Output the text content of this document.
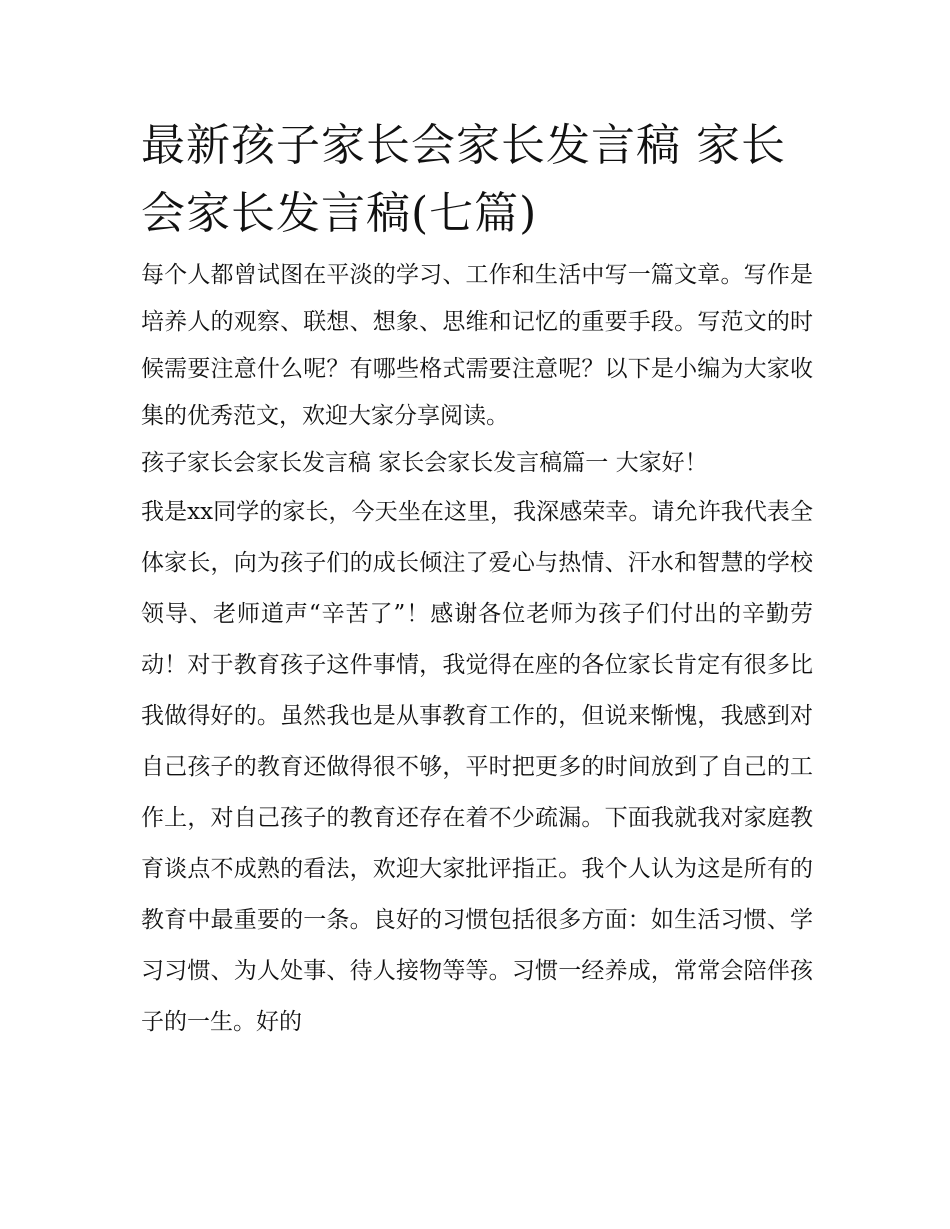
最新孩子家长会家长发言稿 家长会家长发言稿(七篇)

每个人都曾试图在平淡的学习、工作和生活中写一篇文章。写作是培养人的观察、联想、想象、思维和记忆的重要手段。写范文的时候需要注意什么呢？有哪些格式需要注意呢？以下是小编为大家收集的优秀范文，欢迎大家分享阅读。

孩子家长会家长发言稿 家长会家长发言稿篇一 大家好！

我是xx同学的家长，今天坐在这里，我深感荣幸。请允许我代表全体家长，向为孩子们的成长倾注了爱心与热情、汗水和智慧的学校领导、老师道声“辛苦了”！感谢各位老师为孩子们付出的辛勤劳动！对于教育孩子这件事情，我觉得在座的各位家长肯定有很多比我做得好的。虽然我也是从事教育工作的，但说来惭愧，我感到对自己孩子的教育还做得很不够，平时把更多的时间放到了自己的工作上，对自己孩子的教育还存在着不少疏漏。下面我就我对家庭教育谈点不成熟的看法，欢迎大家批评指正。我个人认为这是所有的教育中最重要的一条。良好的习惯包括很多方面：如生活习惯、学习习惯、为人处事、待人接物等等。习惯一经养成，常常会陪伴孩子的一生。好的
